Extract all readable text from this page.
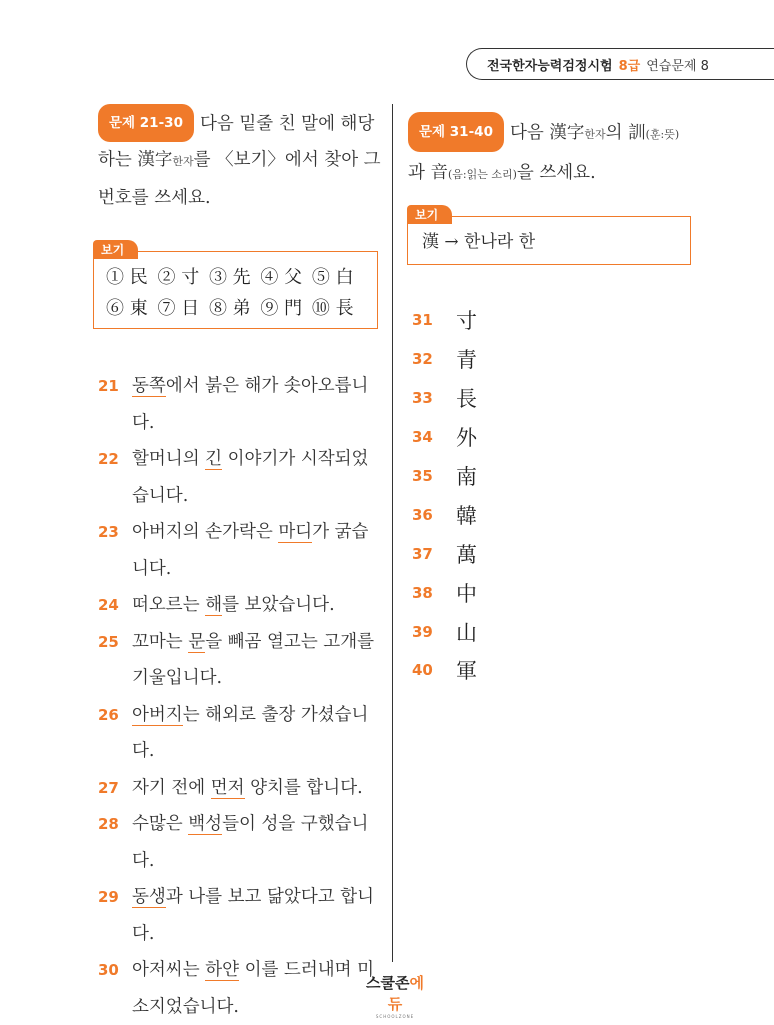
전국한자능력검정시험 8급 연습문제 8
문제 21-30 다음 밑줄 친 말에 해당
하는 漢字한자를 〈보기〉에서 찾아 그
번호를 쓰세요.
보기
① 民 ② 寸 ③ 先 ④ 父 ⑤ 白
⑥ 東 ⑦ 日 ⑧ 弟 ⑨ 門 ⑩ 長
21 동쪽에서 붉은 해가 솟아오릅니다.
22 할머니의 긴 이야기가 시작되었습니다.
23 아버지의 손가락은 마디가 굵습니다.
24 떠오르는 해를 보았습니다.
25 꼬마는 문을 빼곰 열고는 고개를 기울입니다.
26 아버지는 해외로 출장 가셨습니다.
27 자기 전에 먼저 양치를 합니다.
28 수많은 백성들이 성을 구했습니다.
29 동생과 나를 보고 닮았다고 합니다.
30 아저씨는 하얀 이를 드러내며 미소지었습니다.
문제 31-40 다음 漢字한자의 訓(훈:뜻)
과 音(음:읽는 소리)을 쓰세요.
보기
漢 → 한나라 한
31	寸
32	青
33	長
34	外
35	南
36	韓
37	萬
38	中
39	山
40	軍
스쿨존에듀
SCHOOLZONE
